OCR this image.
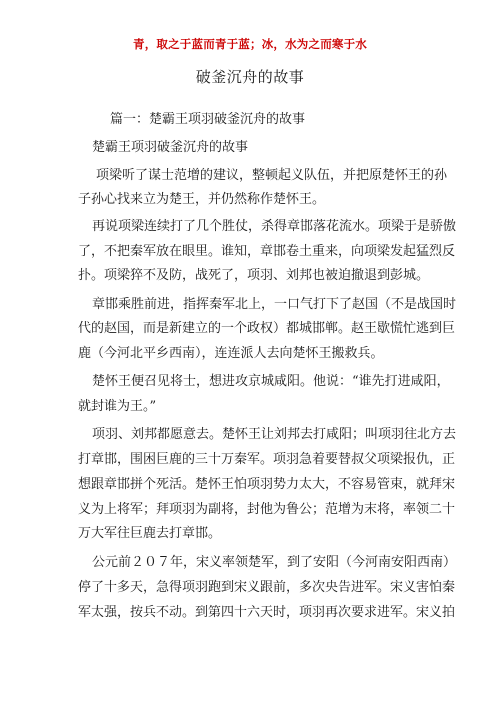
青，取之于蓝而青于蓝；冰，水为之而寒于水
破釜沉舟的故事
篇一：楚霸王项羽破釜沉舟的故事
楚霸王项羽破釜沉舟的故事
项梁听了谋士范增的建议，整顿起义队伍，并把原楚怀王的孙
子孙心找来立为楚王，并仍然称作楚怀王。
再说项梁连续打了几个胜仗，杀得章邯落花流水。项梁于是骄傲
了，不把秦军放在眼里。谁知，章邯卷土重来，向项梁发起猛烈反
扑。项梁猝不及防，战死了，项羽、刘邦也被迫撤退到彭城。
章邯乘胜前进，指挥秦军北上，一口气打下了赵国（不是战国时
代的赵国，而是新建立的一个政权）都城邯郸。赵王歇慌忙逃到巨
鹿（今河北平乡西南），连连派人去向楚怀王搬救兵。
楚怀王便召见将士，想进攻京城咸阳。他说：“谁先打进咸阳，
就封谁为王。”
项羽、刘邦都愿意去。楚怀王让刘邦去打咸阳；叫项羽往北方去
打章邯，围困巨鹿的三十万秦军。项羽急着要替叔父项梁报仇，正
想跟章邯拼个死活。楚怀王怕项羽势力太大，不容易管束，就拜宋
义为上将军；拜项羽为副将，封他为鲁公；范增为末将，率领二十
万大军往巨鹿去打章邯。
公元前２０７年，宋义率领楚军，到了安阳（今河南安阳西南）
停了十多天，急得项羽跑到宋义跟前，多次央告进军。宋义害怕秦
军太强，按兵不动。到第四十六天时，项羽再次要求进军。宋义拍
